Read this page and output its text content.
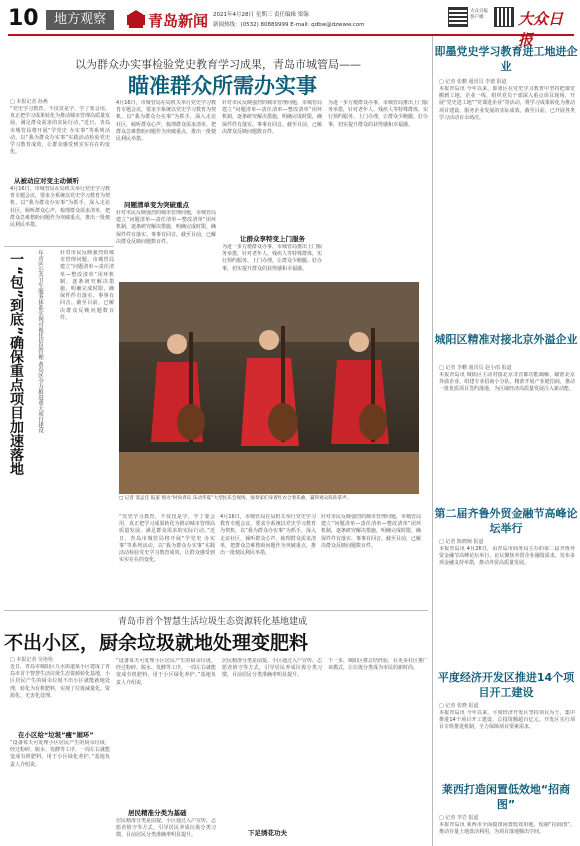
10	地方观察	青岛新闻 2021年4月28日 星期三 责任编辑 梁翰
新闻热线：(0532) 80889999 E-mail: qdbw@dzwww.com
大众日报客户端	大众日报
以为群众办实事检验党史教育学习成果，青岛市城管局——
瞄准群众所需办实事
□ 本报记者 孙燕
“党史学习教育，不仅仅是学，学了要会用，真正把学习成果转化为推动城市管理高质量发展、满足群众需求的实际行动。”近日，青岛市城管局将开展“学党史 办实事”等系列活动，以“我为群众办实事”实践活动检验党史学习教育成效，让群众感受到实实在在的变化。
从被动应对变主动倾听
4月16日，市城管局在局机关举行党史学习教育专题会议，要求全系统以党史学习教育为契机，以“我为群众办实事”为抓手，深入走访社区，倾听群众心声，梳理群众需求清单，把群众急难愁盼问题作为突破重点，推出一批便民利民举措。
4月16日，市城管局在局机关举行党史学习教育专题会议，要求全系统以党史学习教育为契机，以“我为群众办实事”为抓手，深入走访社区，倾听群众心声，梳理群众需求清单，把群众急难愁盼问题作为突破重点，推出一批便民利民举措。
问题清单变为突破重点
针对市民反映强烈的城市管理问题，市城管局建立“问题清单—责任清单—整改清单”闭环机制，逐条研究解决措施，明确完成时限，确保件件有落实、事事有回音。截至目前，已解决群众反映问题数百件。
针对市民反映强烈的城市管理问题，市城管局建立“问题清单—责任清单—整改清单”闭环机制，逐条研究解决措施，明确完成时限，确保件件有落实、事事有回音。截至目前，已解决群众反映问题数百件。
让群众享特变上门服务
为进一步方便群众办事，市城管局推出上门服务举措，针对老年人、残疾人等特殊群体，实行预约服务、上门办理，让群众少跑腿、好办事，切实提升群众的获得感和幸福感。
为进一步方便群众办事，市城管局推出上门服务举措，针对老年人、残疾人等特殊群体，实行预约服务、上门办理，让群众少跑腿、好办事，切实提升群众的获得感和幸福感。
一“包”到底”确保重点项目加速落地	年市区公共卫生服务体系实现可视化信息管理 黄岛区全力推进重大项目建设	针对市民反映强烈的城市管理问题，市城管局建立“问题清单—责任清单—整改清单”闭环机制，逐条研究解决措施，明确完成时限，确保件件有落实、事事有回音。截至目前，已解决群众反映问题数百件。
□ 记者 窦孟佳 报道 图为“时尚青岛 乐动华夏”大型民乐会现场，演奏家们身着红衣合奏乐曲，赢得观众阵阵掌声。
“党史学习教育，不仅仅是学，学了要会用，真正把学习成果转化为推动城市管理高质量发展、满足群众需求的实际行动。”近日，青岛市城管局将开展“学党史 办实事”等系列活动，以“我为群众办实事”实践活动检验党史学习教育成效，让群众感受到实实在在的变化。
4月16日，市城管局在局机关举行党史学习教育专题会议，要求全系统以党史学习教育为契机，以“我为群众办实事”为抓手，深入走访社区，倾听群众心声，梳理群众需求清单，把群众急难愁盼问题作为突破重点，推出一批便民利民举措。
针对市民反映强烈的城市管理问题，市城管局建立“问题清单—责任清单—整改清单”闭环机制，逐条研究解决措施，明确完成时限，确保件件有落实、事事有回音。截至目前，已解决群众反映问题数百件。
即墨党史学习教育进工地进企业
□ 记者 张鹏 通讯员 李德 报道
本报青岛讯 今年以来，即墨区在党史学习教育中坚持把课堂搬到工地、企业一线，组织党员干部深入重点项目现场，开展“党史进工地”“党课进企业”等活动，将学习成果转化为推动项目建设、服务企业发展的实际成效。截至目前，已开展各类学习活动百余场次。
城阳区精准对接北京外溢企业
□ 记者 李鹏 通讯员 赵小雨 报道
本报青岛讯 城阳区主动对接北京非首都功能疏解，瞄准北京外溢企业，组建专业招商小分队，精准开展产业链招商，推动一批优质项目签约落地，为区域经济高质量发展注入新动能。
第二届齐鲁外贸金融节高峰论坛举行
□ 记者 陈晓婉 报道
本报青岛讯 4月26日，由青岛市商务局主办的第二届齐鲁外贸金融节高峰论坛举行，论坛聚焦外贸企业融资需求，发布多项金融支持举措，推动外贸高质量发展。
平度经济开发区推进14个项目开工建设
□ 记者 张晓 报道
本报青岛讯 今年以来，平度经济开发区坚持项目为王，集中推进14个项目开工建设，总投资额超百亿元。开发区实行项目专班推进机制，全力保障项目要素需求。
莱西打造闲置低效地“招商图”
□ 记者 李岩 报道
本报青岛讯 莱西市全面摸排闲置低效用地，绘制“招商图”，推动存量土地盘活利用，为项目落地腾出空间。
青岛市首个智慧生活垃圾生态资源转化基地建成
不出小区，厨余垃圾就地处理变肥料
□ 本报记者 吴艳艳
近日，青岛市城阳区九水街道某小区建成了青岛市首个智慧生活垃圾生态资源转化基地，小区居民产生的厨余垃圾不出小区就能就地处理，转化为有机肥料，实现了垃圾减量化、资源化、无害化处理。
在小区给“垃圾”瘦”闹环”
“设备每天可处理小区居民产生的厨余垃圾，经过粉碎、脱水、发酵等工序，一周左右就能变成有机肥料，用于小区绿化养护。”基地负责人介绍说。
“设备每天可处理小区居民产生的厨余垃圾，经过粉碎、脱水、发酵等工序，一周左右就能变成有机肥料，用于小区绿化养护。”基地负责人介绍说。
居民精准分类为基础
居民精准分类是前提。小区通过入户宣传、志愿者值守等方式，引导居民养成垃圾分类习惯，目前居民分类准确率明显提升。
居民精准分类是前提。小区通过入户宣传、志愿者值守等方式，引导居民养成垃圾分类习惯，目前居民分类准确率明显提升。
下足绣花功夫
下一步，城阳区将总结经验，在更多社区推广该模式，让垃圾分类成为市民的新时尚。
